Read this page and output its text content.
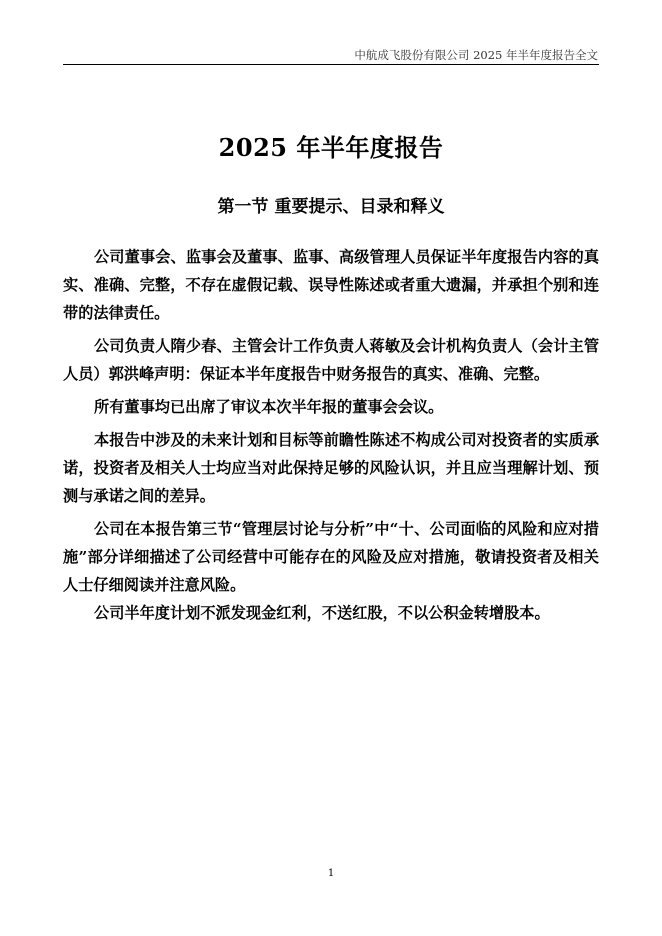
中航成飞股份有限公司 2025 年半年度报告全文
2025 年半年度报告
第一节 重要提示、目录和释义

公司董事会、监事会及董事、监事、高级管理人员保证半年度报告内容的真实、准确、完整，不存在虚假记载、误导性陈述或者重大遗漏，并承担个别和连带的法律责任。

公司负责人隋少春、主管会计工作负责人蒋敏及会计机构负责人（会计主管人员）郭洪峰声明：保证本半年度报告中财务报告的真实、准确、完整。

所有董事均已出席了审议本次半年报的董事会会议。

本报告中涉及的未来计划和目标等前瞻性陈述不构成公司对投资者的实质承诺，投资者及相关人士均应当对此保持足够的风险认识，并且应当理解计划、预测与承诺之间的差异。

公司在本报告第三节“管理层讨论与分析”中“十、公司面临的风险和应对措施”部分详细描述了公司经营中可能存在的风险及应对措施，敬请投资者及相关人士仔细阅读并注意风险。

公司半年度计划不派发现金红利，不送红股，不以公积金转增股本。

1
